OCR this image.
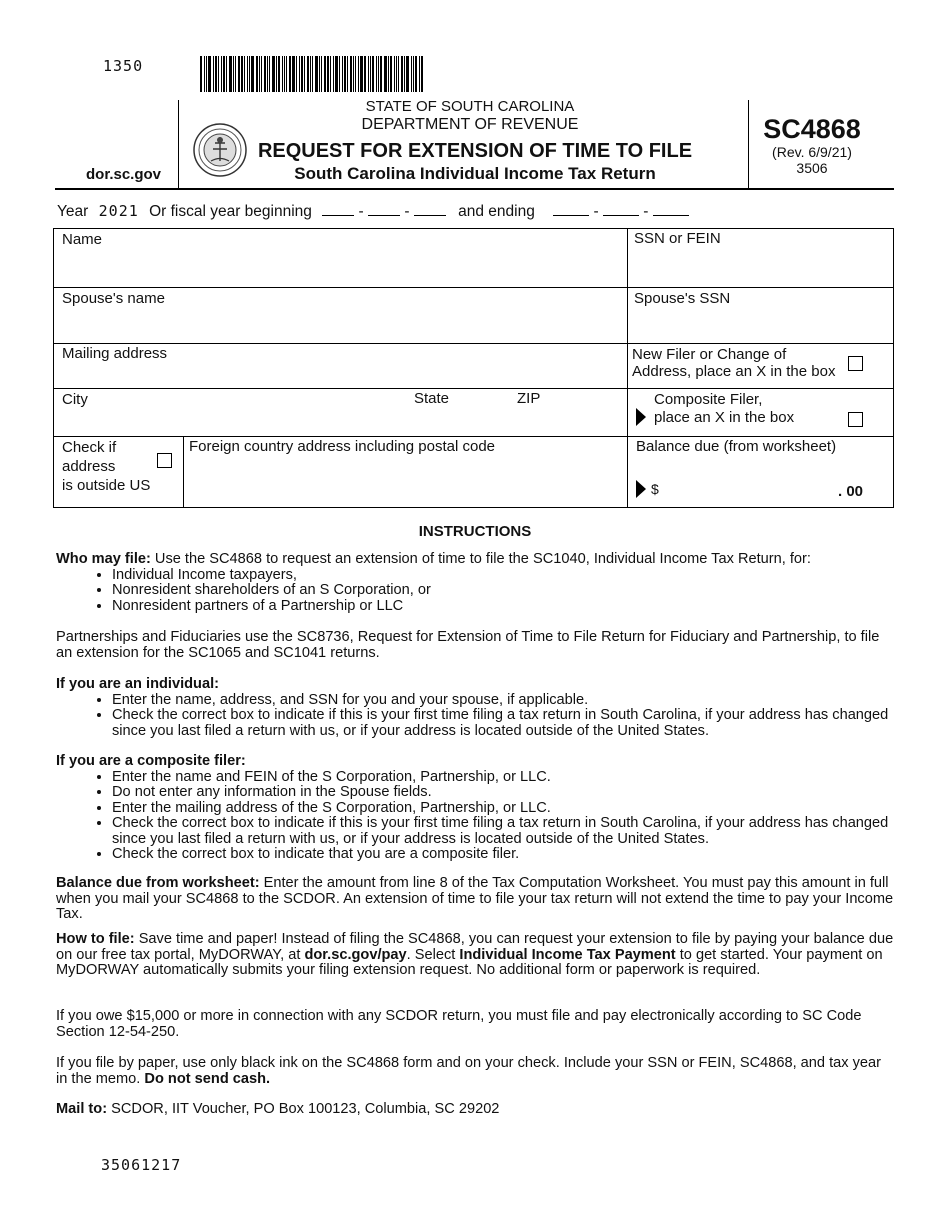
1350
dor.sc.gov
STATE OF SOUTH CAROLINA
DEPARTMENT OF REVENUE
REQUEST FOR EXTENSION OF TIME TO FILE
South Carolina Individual Income Tax Return
SC4868
(Rev. 6/9/21)
3506
Year 2021 Or fiscal year beginning	-	-	and ending	-	-
Name	SSN or FEIN
Spouse's name	Spouse's SSN
Mailing address	New Filer or Change of
Address, place an X in the box
City	State	ZIP	Composite Filer,
place an X in the box
Check if
address
is outside US
Foreign country address including postal code	Balance due (from worksheet)
$	. 00
INSTRUCTIONS

Who may file: Use the SC4868 to request an extension of time to file the SC1040, Individual Income Tax Return, for:

• Individual Income taxpayers,
• Nonresident shareholders of an S Corporation, or
• Nonresident partners of a Partnership or LLC
Partnerships and Fiduciaries use the SC8736, Request for Extension of Time to File Return for Fiduciary and Partnership, to file an extension for the SC1065 and SC1041 returns.

If you are an individual:

• Enter the name, address, and SSN for you and your spouse, if applicable.
• Check the correct box to indicate if this is your first time filing a tax return in South Carolina, if your address has changed since you last filed a return with us, or if your address is located outside of the United States.

If you are a composite filer:

• Enter the name and FEIN of the S Corporation, Partnership, or LLC.
• Do not enter any information in the Spouse fields.
• Enter the mailing address of the S Corporation, Partnership, or LLC.
• Check the correct box to indicate if this is your first time filing a tax return in South Carolina, if your address has changed since you last filed a return with us, or if your address is located outside of the United States.
• Check the correct box to indicate that you are a composite filer.

Balance due from worksheet: Enter the amount from line 8 of the Tax Computation Worksheet. You must pay this amount in full when you mail your SC4868 to the SCDOR. An extension of time to file your tax return will not extend the time to pay your Income Tax.

How to file: Save time and paper! Instead of filing the SC4868, you can request your extension to file by paying your balance due on our free tax portal, MyDORWAY, at dor.sc.gov/pay. Select Individual Income Tax Payment to get started. Your payment on MyDORWAY automatically submits your filing extension request. No additional form or paperwork is required.

If you owe $15,000 or more in connection with any SCDOR return, you must file and pay electronically according to SC Code Section 12-54-250.

If you file by paper, use only black ink on the SC4868 form and on your check. Include your SSN or FEIN, SC4868, and tax year in the memo. Do not send cash.

Mail to: SCDOR, IIT Voucher, PO Box 100123, Columbia, SC 29202

35061217
